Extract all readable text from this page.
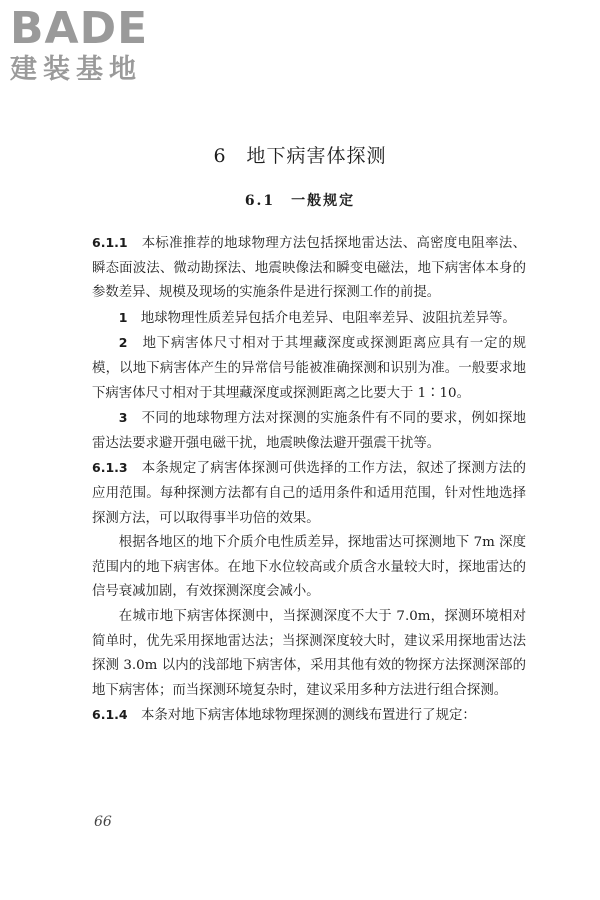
BADE
建装基地
6　地下病害体探测
6.1　一般规定

6.1.1　 本标准推荐的地球物理方法包括探地雷达法、高密度电阻率法、瞬态面波法、微动勘探法、地震映像法和瞬变电磁法，地下病害体本身的参数差异、规模及现场的实施条件是进行探测工作的前提。

1　 地球物理性质差异包括介电差异、电阻率差异、波阻抗差异等。

2　 地下病害体尺寸相对于其埋藏深度或探测距离应具有一定的规模，以地下病害体产生的异常信号能被准确探测和识别为准。一般要求地下病害体尺寸相对于其埋藏深度或探测距离之比要大于 1∶10。

3　 不同的地球物理方法对探测的实施条件有不同的要求，例如探地雷达法要求避开强电磁干扰，地震映像法避开强震干扰等。

6.1.3　 本条规定了病害体探测可供选择的工作方法，叙述了探测方法的应用范围。每种探测方法都有自己的适用条件和适用范围，针对性地选择探测方法，可以取得事半功倍的效果。

根据各地区的地下介质介电性质差异，探地雷达可探测地下 7m 深度范围内的地下病害体。在地下水位较高或介质含水量较大时，探地雷达的信号衰减加剧，有效探测深度会减小。

在城市地下病害体探测中，当探测深度不大于 7.0m，探测环境相对简单时，优先采用探地雷达法；当探测深度较大时，建议采用探地雷达法探测 3.0m 以内的浅部地下病害体，采用其他有效的物探方法探测深部的地下病害体；而当探测环境复杂时，建议采用多种方法进行组合探测。

6.1.4　 本条对地下病害体地球物理探测的测线布置进行了规定：

66
